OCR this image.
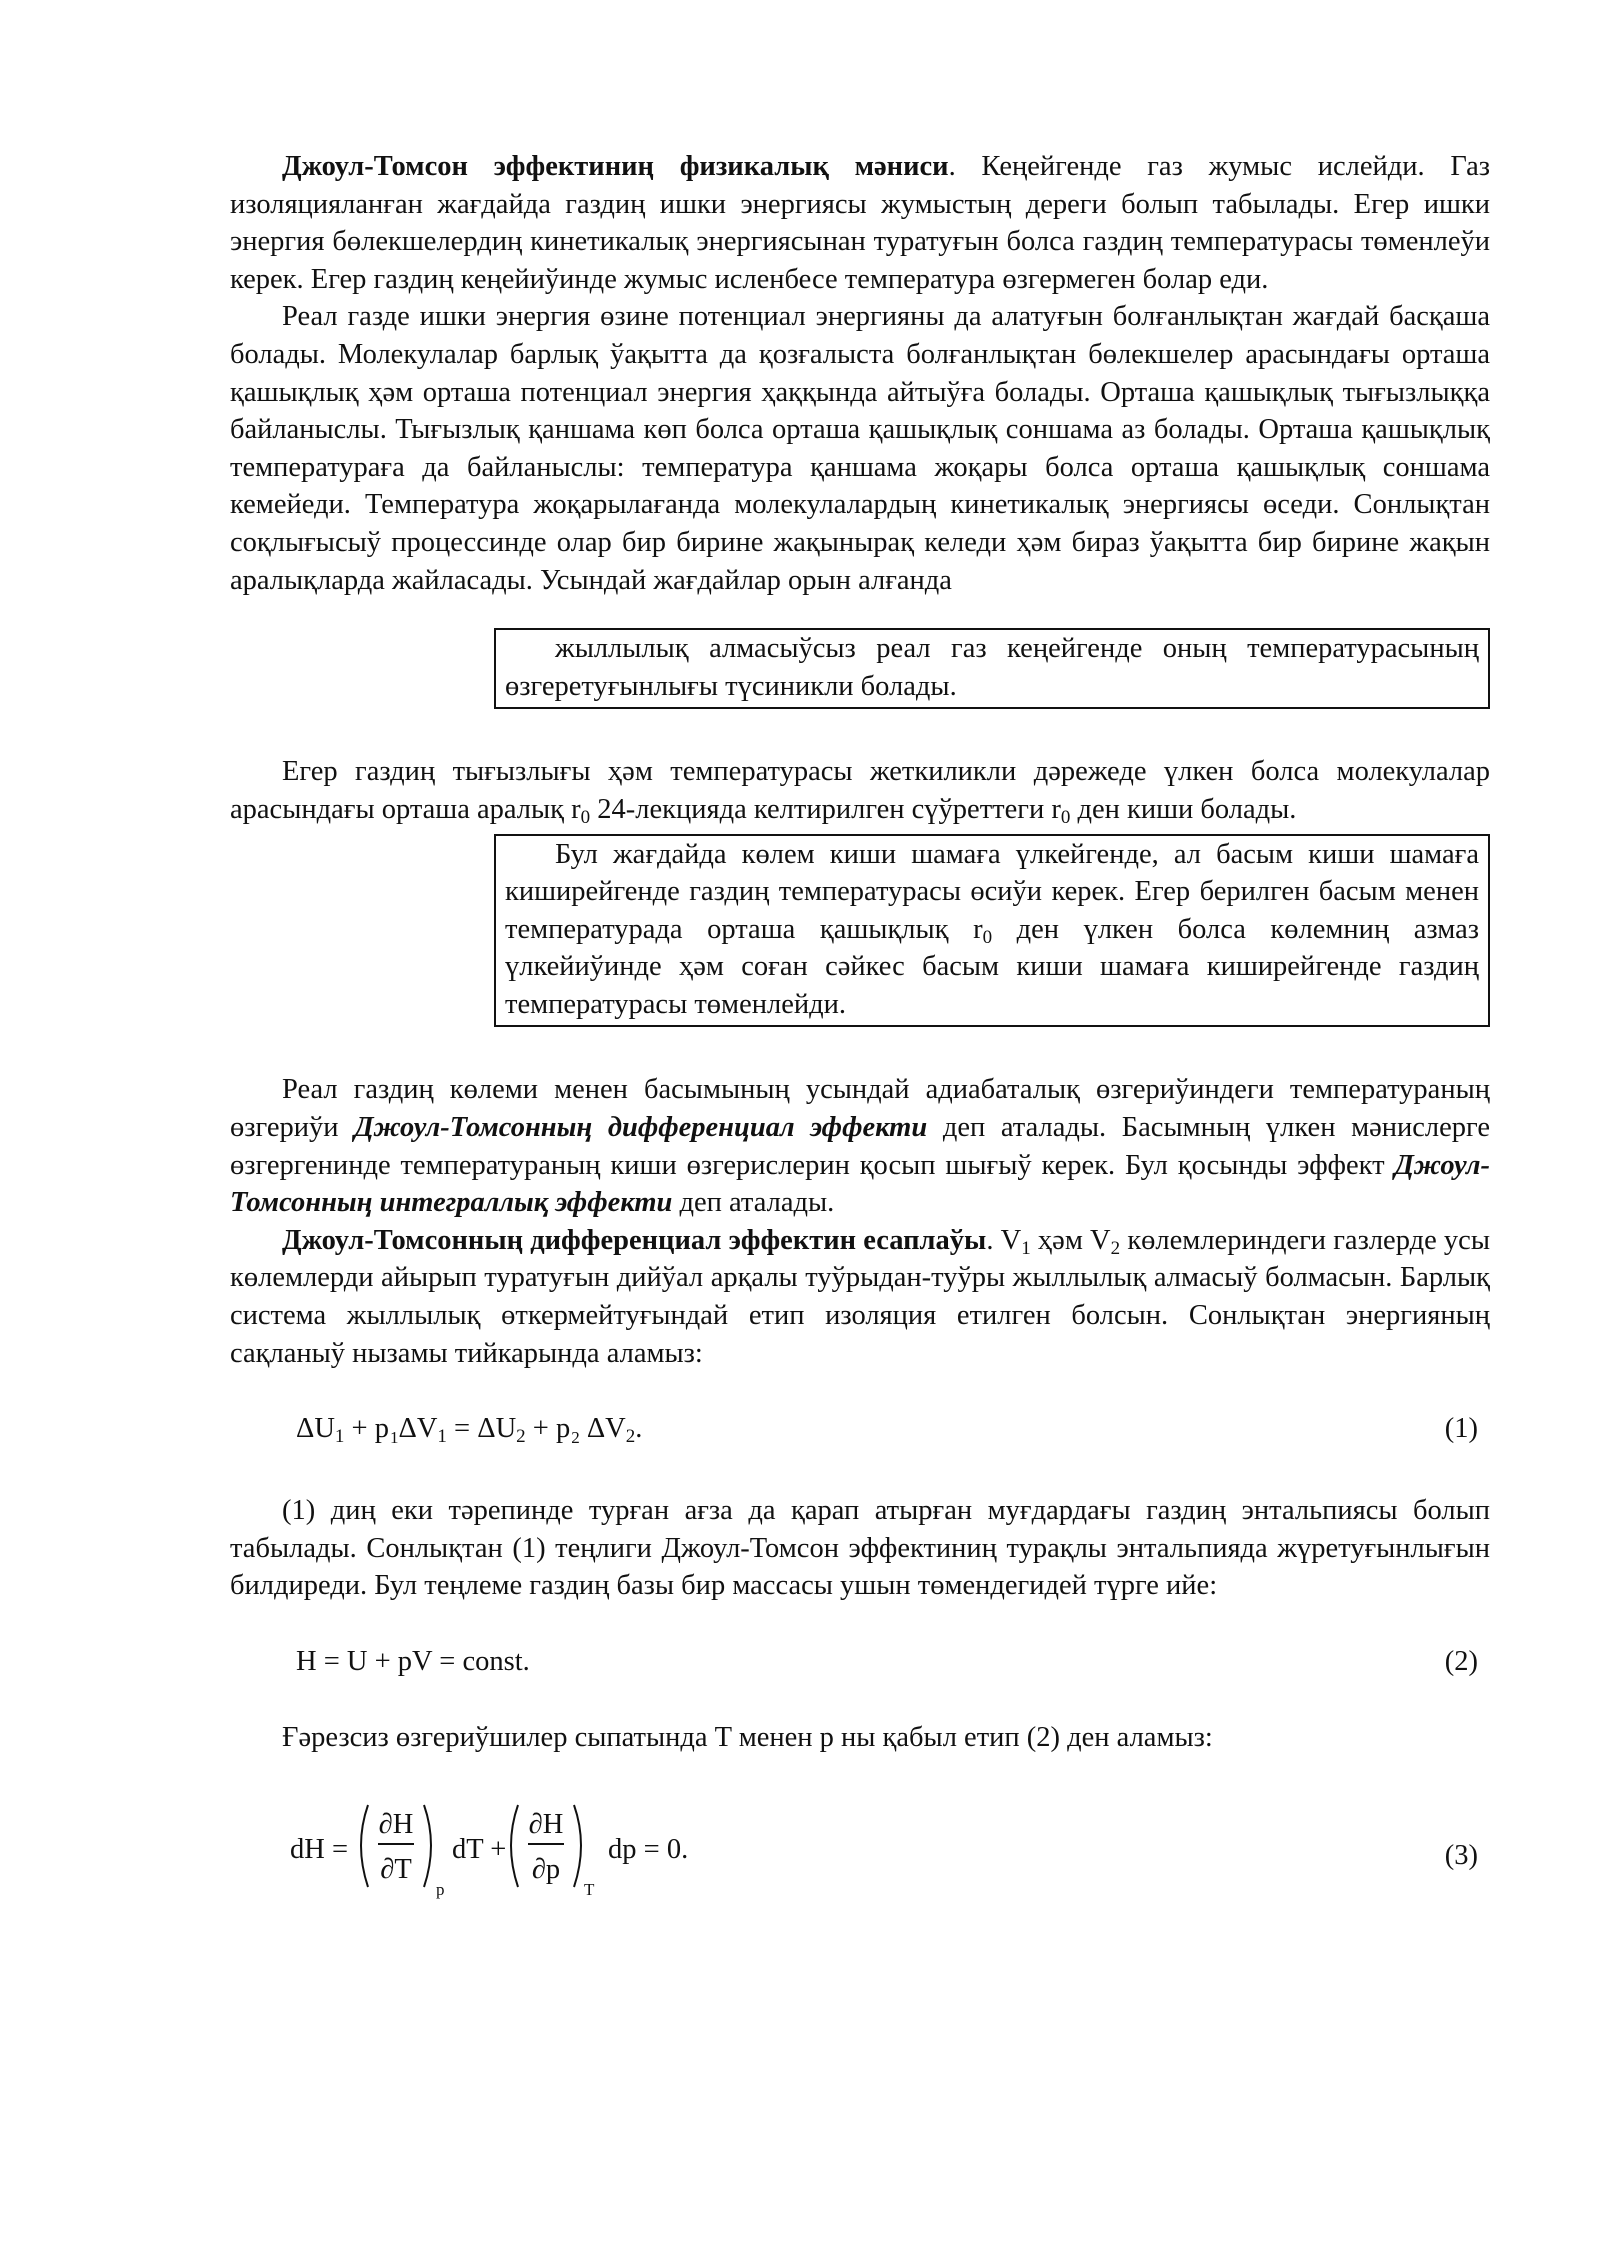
Джоул-Томсон эффектиниң физикалық мәниси. Кеңейгенде газ жумыс ислейди. Газ изоляцияланған жағдайда газдиң ишки энергиясы жумыстың дереги болып табылады. Егер ишки энергия бөлекшелердиң кинетикалық энергиясынан туратуғын болса газдиң температурасы төменлеўи керек. Егер газдиң кеңейиўинде жумыс исленбесе температура өзгермеген болар еди.

Реал газде ишки энергия өзине потенциал энергияны да алатуғын болғанлықтан жағдай басқаша болады. Молекулалар барлық ўақытта да қозғалыста болғанлықтан бөлекшелер арасындағы орташа қашықлық ҳәм орташа потенциал энергия ҳаққында айтыўға болады. Орташа қашықлық тығызлыққа байланыслы. Тығызлық қаншама көп болса орташа қашықлық соншама аз болады. Орташа қашықлық температураға да байланыслы: температура қаншама жоқары болса орташа қашықлық соншама кемейеди. Температура жоқарылағанда молекулалардың кинетикалық энергиясы өседи. Сонлықтан соқлығысыў процессинде олар бир бирине жақынырақ келеди ҳәм бираз ўақытта бир бирине жақын аралықларда жайласады. Усындай жағдайлар орын алғанда

жыллылық алмасыўсыз реал газ кеңейгенде оның температурасының өзгеретуғынлығы түсиникли болады.

Егер газдиң тығызлығы ҳәм температурасы жеткиликли дәрежеде үлкен болса молекулалар арасындағы орташа аралық $r_0$ 24-лекцияда келтирилген сүўреттеги $r_0$ ден киши болады.

Бул жағдайда көлем киши шамаға үлкейгенде, ал басым киши шамаға киширейгенде газдиң температурасы өсиўи керек. Егер берилген басым менен температурада орташа қашықлық $r_0$ ден үлкен болса көлемниң азмаз үлкейиўинде ҳәм соған сәйкес басым киши шамаға киширейгенде газдиң температурасы төменлейди.

Реал газдиң көлеми менен басымының усындай адиабаталық өзгериўиндеги температураның өзгериўи Джоул-Томсонның дифференциал эффекти деп аталады. Басымның үлкен мәнислерге өзгергенинде температураның киши өзгерислерин қосып шығыў керек. Бул қосынды эффект Джоул-Томсонның интеграллық эффекти деп аталады.

Джоул-Томсонның дифференциал эффектин есаплаўы. $V_1$ ҳәм $V_2$ көлемлериндеги газлерде усы көлемлерди айырып туратуғын дийўал арқалы туўрыдан-туўры жыллылық алмасыў болмасын. Барлық система жыллылық өткермейтуғындай етип изоляция етилген болсын. Сонлықтан энергияның сақланыў нызамы тийкарында аламыз:

$\Delta U_1 + p_1\Delta V_1 = \Delta U_2 + p_2$ $\Delta V_2$.	(1)

(1) диң еки тәрепинде турған ағза да қарап атырған муғдардағы газдиң энтальпиясы болып табылады. Сонлықтан (1) теңлиги Джоул-Томсон эффектиниң турақлы энтальпияда жүретуғынлығын билдиреди. Бул теңлеме газдиң базы бир массасы ушын төмендегидей түрге ийе:

H = U + pV = const.	(2)

Ғәрезсиз өзгериўшилер сыпатында T менен p ны қабыл етип (2) ден аламыз:

dH =
∂H
∂T
p
dT +
∂H
∂p
T
dp = 0.	(3)
